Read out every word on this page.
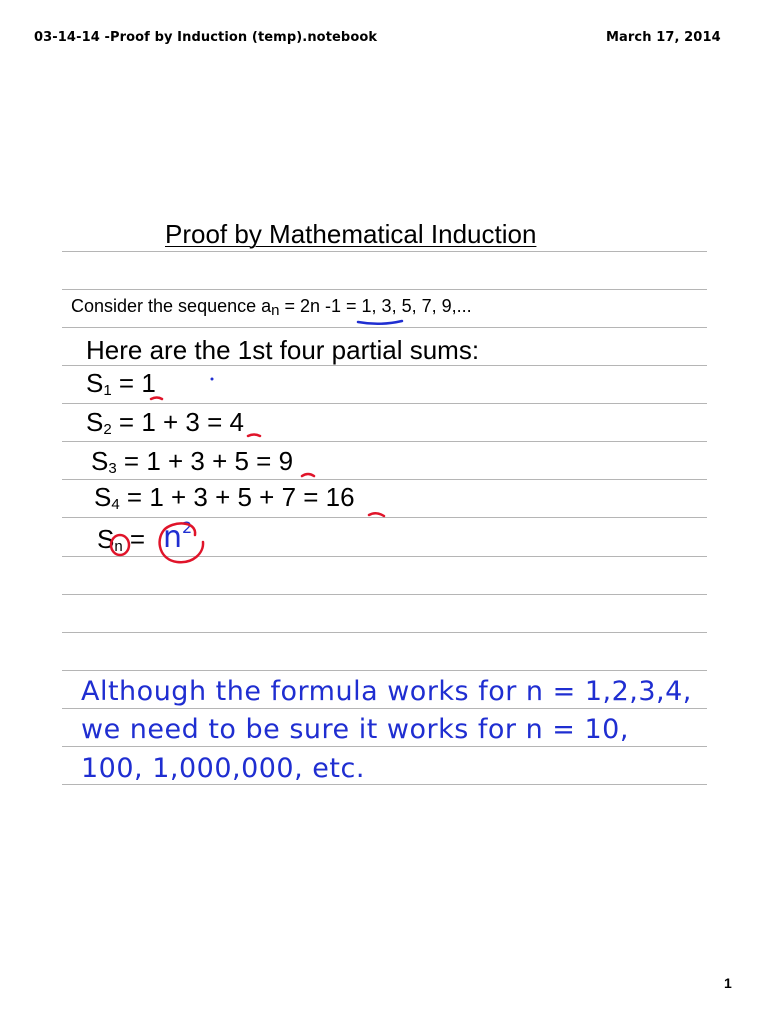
03-14-14 -Proof by Induction (temp).notebook	March 17, 2014
Proof by Mathematical Induction
Consider the sequence $a_n = 2n$ -1 = 1, 3, 5, 7, 9,...
Here are the 1st four partial sums:
$S_1 = 1$
$S_2 = 1 + 3 = 4$
$S_3 = 1 + 3 + 5 = 9$
$S_4 = 1 + 3 + 5 + 7 = 16$
$S_n = n2$
Although the formula works for n = 1,2,3,4,
we need to be sure it works for n = 10,
100, 1,000,000, etc.
1
